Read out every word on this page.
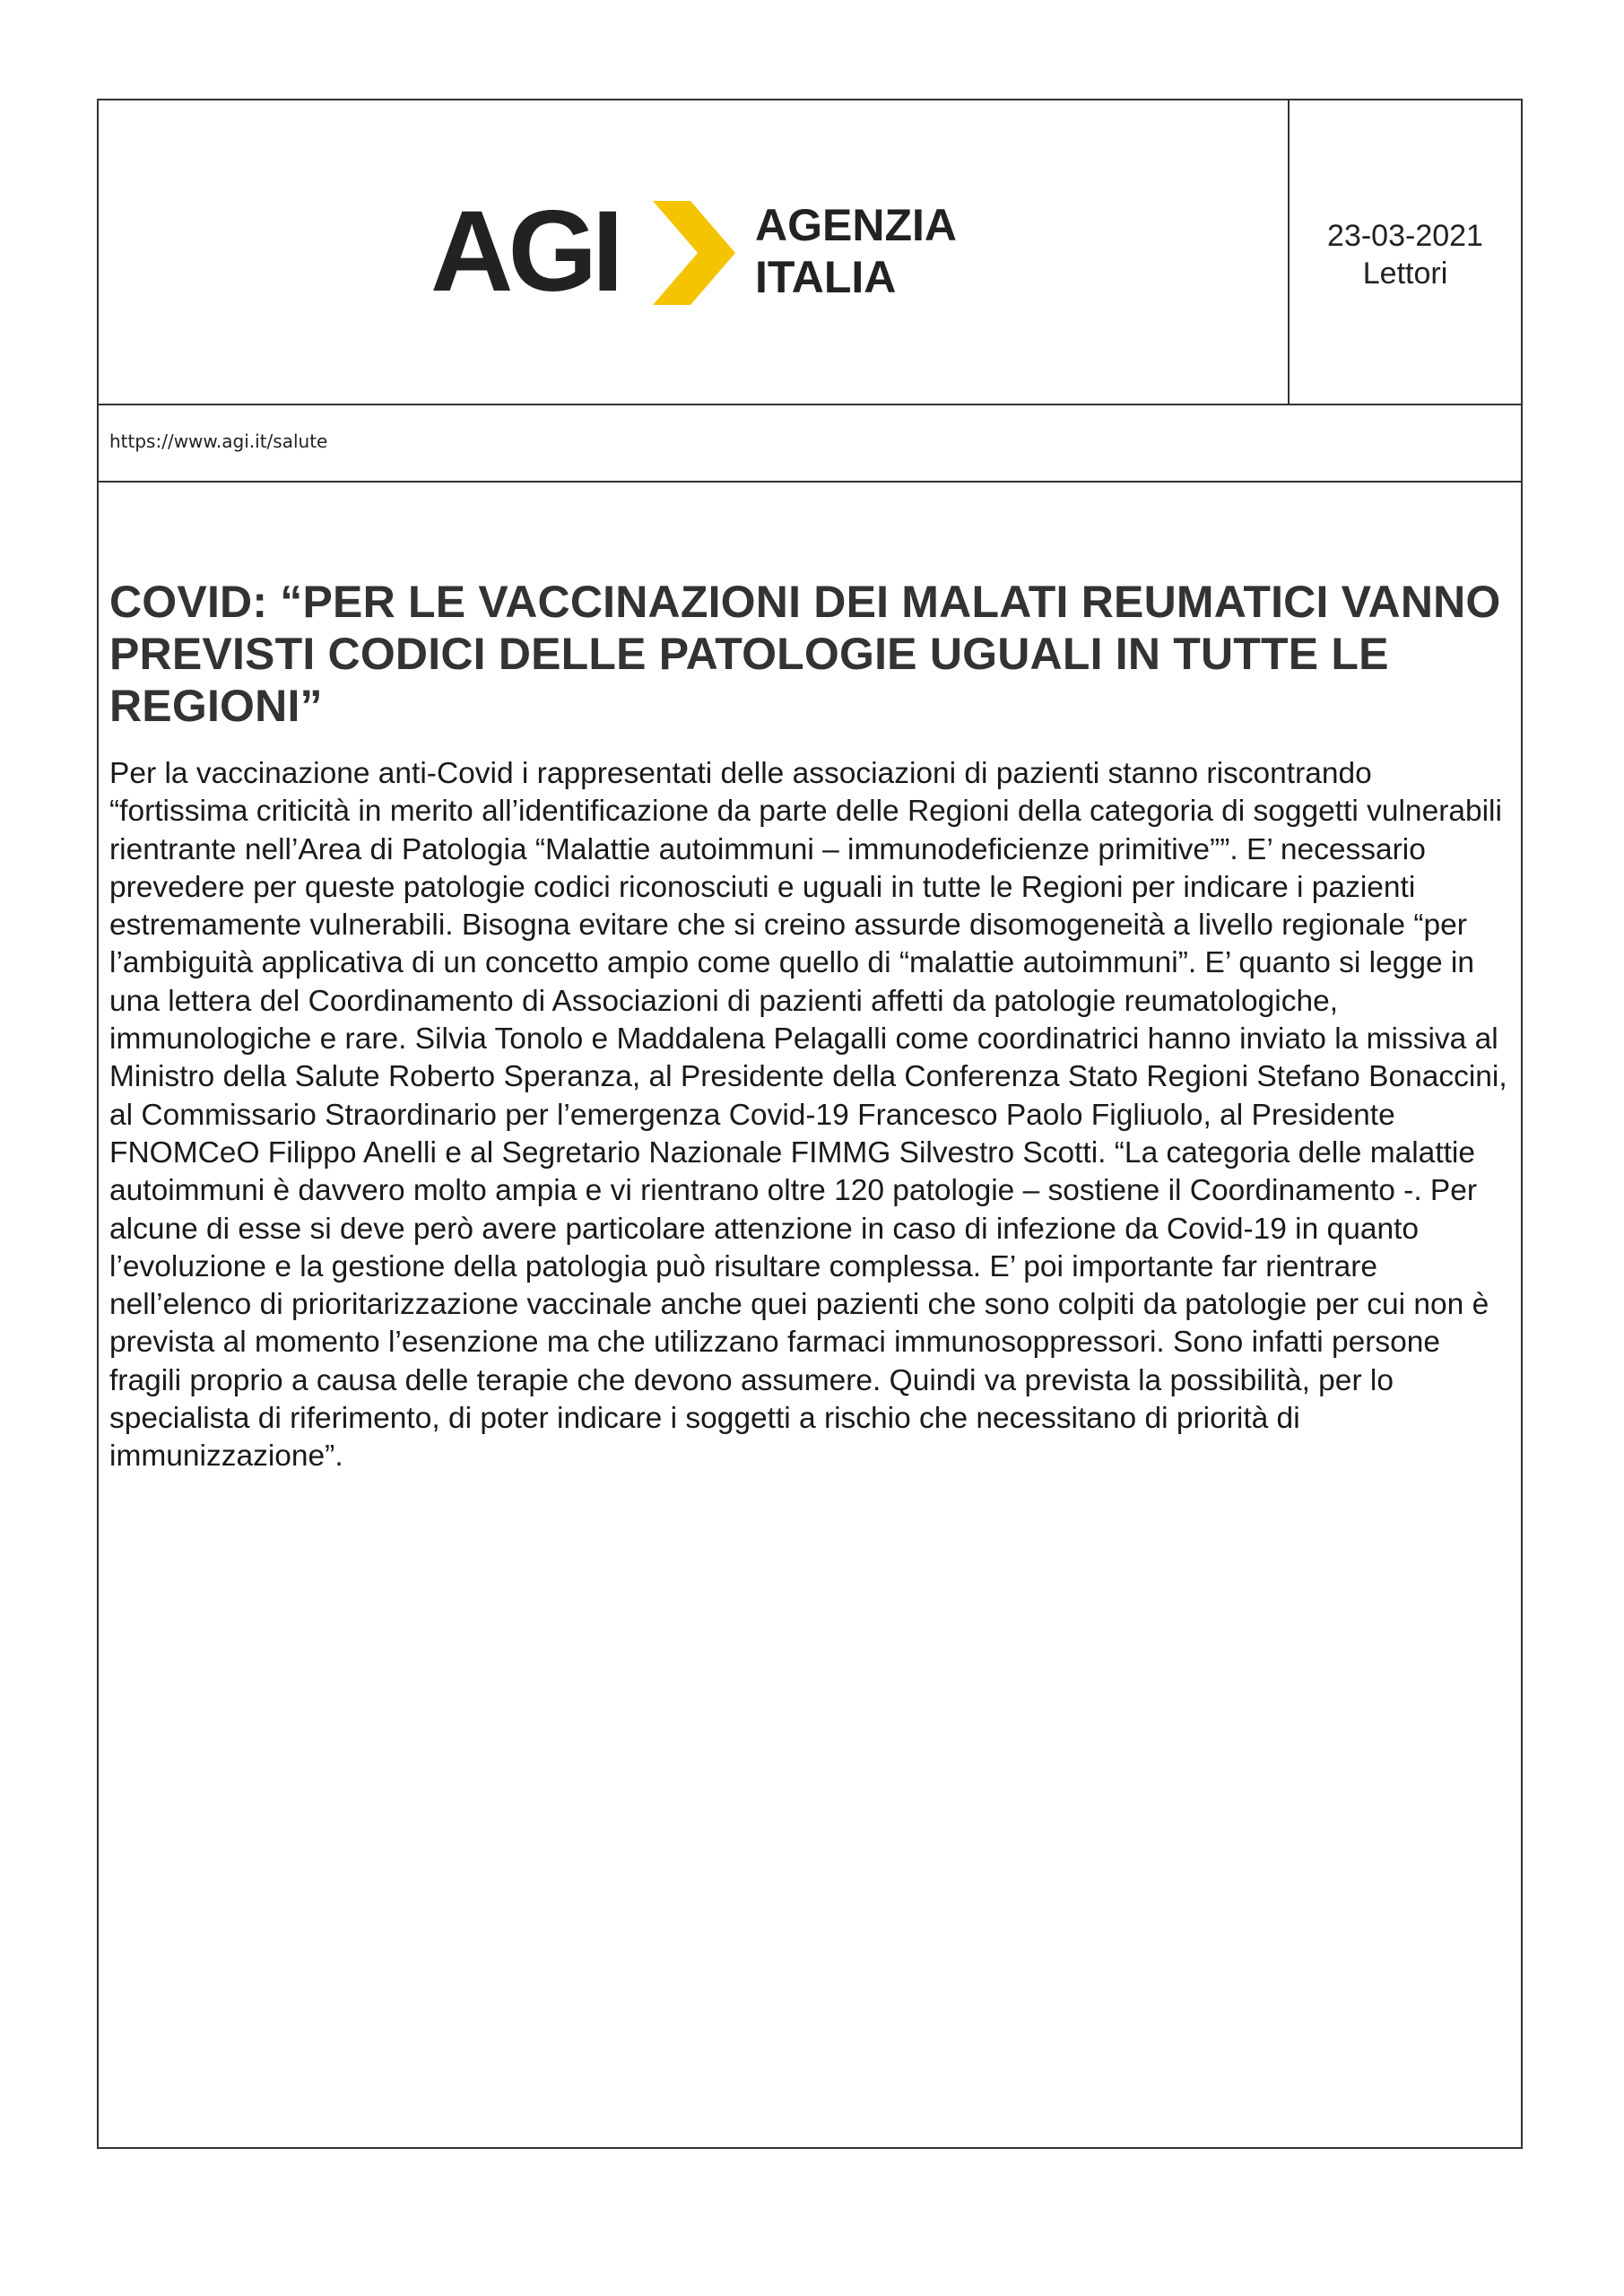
AGI	AGENZIA
ITALIA
23-03-2021
Lettori
https://www.agi.it/salute
COVID: “PER LE VACCINAZIONI DEI MALATI REUMATICI VANNO PREVISTI CODICI DELLE PATOLOGIE UGUALI IN TUTTE LE REGIONI”

Per la vaccinazione anti-Covid i rappresentati delle associazioni di pazienti stanno riscontrando “fortissima criticità in merito all’identificazione da parte delle Regioni della categoria di soggetti vulnerabili rientrante nell’Area di Patologia “Malattie autoimmuni – immunodeficienze primitive””. E’ necessario prevedere per queste patologie codici riconosciuti e uguali in tutte le Regioni per indicare i pazienti estremamente vulnerabili. Bisogna evitare che si creino assurde disomogeneità a livello regionale “per l’ambiguità applicativa di un concetto ampio come quello di “malattie autoimmuni”. E’ quanto si legge in una lettera del Coordinamento di Associazioni di pazienti affetti da patologie reumatologiche, immunologiche e rare. Silvia Tonolo e Maddalena Pelagalli come coordinatrici hanno inviato la missiva al Ministro della Salute Roberto Speranza, al Presidente della Conferenza Stato Regioni Stefano Bonaccini, al Commissario Straordinario per l’emergenza Covid-19 Francesco Paolo Figliuolo, al Presidente FNOMCeO Filippo Anelli e al Segretario Nazionale FIMMG Silvestro Scotti. “La categoria delle malattie autoimmuni è davvero molto ampia e vi rientrano oltre 120 patologie – sostiene il Coordinamento -. Per alcune di esse si deve però avere particolare attenzione in caso di infezione da Covid-19 in quanto l’evoluzione e la gestione della patologia può risultare complessa. E’ poi importante far rientrare nell’elenco di prioritarizzazione vaccinale anche quei pazienti che sono colpiti da patologie per cui non è prevista al momento l’esenzione ma che utilizzano farmaci immunosoppressori. Sono infatti persone fragili proprio a causa delle terapie che devono assumere. Quindi va prevista la possibilità, per lo specialista di riferimento, di poter indicare i soggetti a rischio che necessitano di priorità di immunizzazione”.
